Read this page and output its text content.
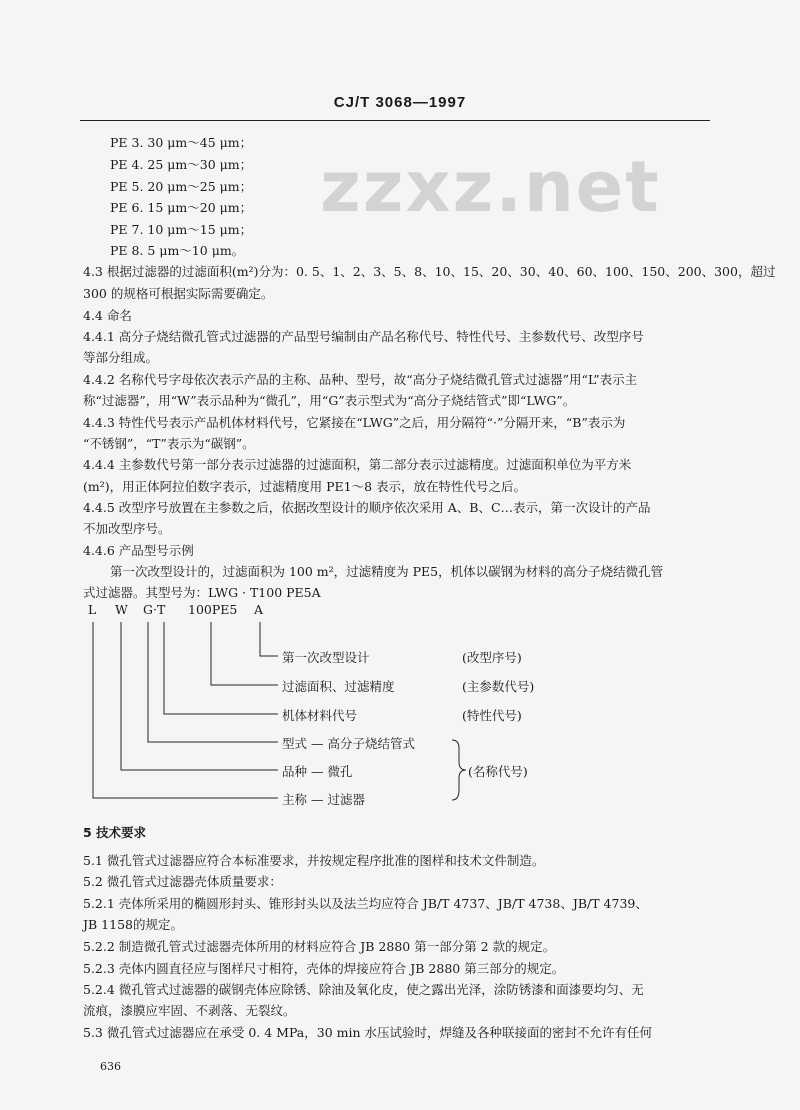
CJ/T 3068—1997
zzxz.net
PE 3. 30 μm～45 μm；
PE 4. 25 μm～30 μm；
PE 5. 20 μm～25 μm；
PE 6. 15 μm～20 μm；
PE 7. 10 μm～15 μm；
PE 8. 5 μm～10 μm。
4.3 根据过滤器的过滤面积(m²)分为：0. 5、1、2、3、5、8、10、15、20、30、40、60、100、150、200、300，超过
300 的规格可根据实际需要确定。
4.4 命名
4.4.1 高分子烧结微孔管式过滤器的产品型号编制由产品名称代号、特性代号、主参数代号、改型序号
等部分组成。
4.4.2 名称代号字母依次表示产品的主称、品种、型号，故“高分子烧结微孔管式过滤器”用“L”表示主
称“过滤器”，用“W”表示品种为“微孔”，用“G”表示型式为“高分子烧结管式”即“LWG”。
4.4.3 特性代号表示产品机体材料代号，它紧接在“LWG”之后，用分隔符“·”分隔开来，“B”表示为
“不锈钢”，“T”表示为“碳钢”。
4.4.4 主参数代号第一部分表示过滤器的过滤面积，第二部分表示过滤精度。过滤面积单位为平方米
(m²)，用正体阿拉伯数字表示，过滤精度用 PE1～8 表示，放在特性代号之后。
4.4.5 改型序号放置在主参数之后，依据改型设计的顺序依次采用 A、B、C…表示，第一次设计的产品
不加改型序号。
4.4.6 产品型号示例
第一次改型设计的，过滤面积为 100 m²，过滤精度为 PE5，机体以碳钢为材料的高分子烧结微孔管
式过滤器。其型号为：LWG · T100 PE5A
L W G·T 100PE5 A
第一次改型设计	(改型序号)
过滤面积、过滤精度	(主参数代号)
机体材料代号	(特性代号)
型式 — 高分子烧结管式
品种 — 微孔
主称 — 过滤器
(名称代号)
5 技术要求
5.1 微孔管式过滤器应符合本标准要求，并按规定程序批准的图样和技术文件制造。
5.2 微孔管式过滤器壳体质量要求：
5.2.1 壳体所采用的椭圆形封头、锥形封头以及法兰均应符合 JB/T 4737、JB/T 4738、JB/T 4739、
JB 1158的规定。
5.2.2 制造微孔管式过滤器壳体所用的材料应符合 JB 2880 第一部分第 2 款的规定。
5.2.3 壳体内圆直径应与图样尺寸相符，壳体的焊接应符合 JB 2880 第三部分的规定。
5.2.4 微孔管式过滤器的碳钢壳体应除锈、除油及氧化皮，使之露出光泽，涂防锈漆和面漆要均匀、无
流痕，漆膜应牢固、不剥落、无裂纹。
5.3 微孔管式过滤器应在承受 0. 4 MPa，30 min 水压试验时，焊缝及各种联接面的密封不允许有任何
636
